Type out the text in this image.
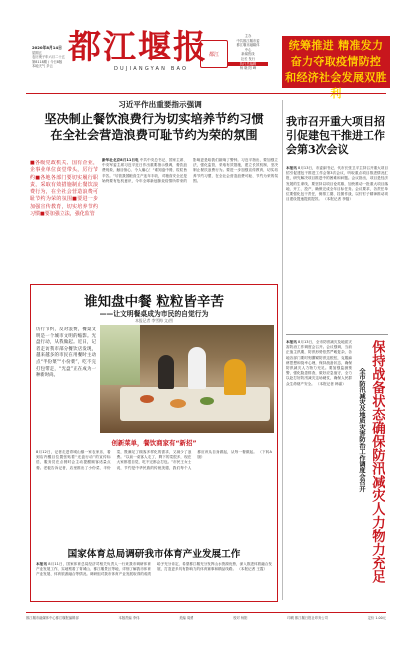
2020年8月14日
星期五
农历庚子年六月二十五
第8118期 / 今日8版
本地天气 多云
都江堰报
DUJIANGYAN BAO
都江
主办
中共都江堰市委
都江堰市融媒体
中心
新闻热线
社长 发行
执行总编辑
杨 晓 阳 峰
统筹推进 精准发力
奋力夺取疫情防控
和经济社会发展双胜利
习近平作出重要指示强调
坚决制止餐饮浪费行为切实培养节约习惯
在全社会营造浪费可耻节约为荣的氛围
■各级党政机关、国有企业，企事业单位食堂带头，厉行节约■各地各部门要切实履行职责，采取有效措施制止餐饮浪费行为，在全社会营造浪费可耻节约为荣的氛围■要进一步加强宣传教育，切实培养节约习惯■要加强立法，强化监管
新华社北京8月11日电 中共中央总书记、国家主席、中央军委主席习近平近日作出重要指示强调，餐饮浪费现象，触目惊心、令人痛心！“谁知盘中餐，粒粒皆辛苦。”尽管我国粮食生产连年丰收，对粮食安全还是始终要有危机意识，今年全球新冠肺炎疫情所带来的影响更是给我们敲响了警钟。习近平指出，要加强立法，强化监管，采取有效措施，建立长效机制，坚决制止餐饮浪费行为。要进一步加强宣传教育，切实培养节约习惯，在全社会营造浪费可耻、节约为荣的氛围。
我市召开重大项目招引促建包干推进工作会第3次会议
本报讯 8月13日，市委副书记、代市长张卫平主持召开重大项目招引促建包干推进工作会第3次会议，听取重点项目推进情况汇报，研究解决项目推进中的困难和问题。会议指出，项目是经济发展的生命线，要坚持以项目论英雄，加快推动一批重大项目落地、开工、投产，确保完成全年目标任务。会议要求，各责任单位要强化包干责任，倒排工期、挂图作战，以钉钉子精神推动项目建设提速提质提效。 （本报记者 李磊）
本报讯 8月13日，全市防汛减灾及地质灾害防治工作调度会召开。会议强调，当前正值主汛期，防汛形势依然严峻复杂，各地各部门要时刻绷紧防汛这根弦，克服麻痹思想和侥幸心理，保持战备状态，确保防汛减灾人力物力充足。要加强监测预警，强化隐患排查，做好应急值守，全力以赴打好防汛减灾这场硬仗，确保人民群众生命财产安全。 （本报记者 韩嘉）	保持战备状态确保防汛减灾人力物力充足
全市防汛减灾及地质灾害防治工作调度会召开
谁知盘中餐 粒粒皆辛苦
——让文明餐桌成为市民的自觉行为
本报记者 李雪梅 文/图
历行节约，反对浪费，餐桌文明是一个城市文明的缩影。光盘行动，从我做起。近日，记者走访我市部分餐饮店发现，越来越多的市民在用餐时主动点“半份菜”“小份菜”，吃不完打包带走，“光盘”正在成为一种新时尚。
创新菜单，餐饮商家有“新招”
8月12日，记者走进青城山镇一家农家乐，看到店内醒目位置张贴着“光盘行动”的宣传标语，服务员在点餐时会主动提醒顾客适量点餐。老板告诉记者，店里推出了小份菜、半份菜，既满足了顾客多样化的需求，又减少了浪费。“以前一桌客人走了，剩下的菜很多，现在大家都很自觉，吃不完都会打包。”市民王女士说，节约是中华民族的传统美德，我们每个人都应该从自身做起，从每一餐做起。 （下转A版）
国家体育总局调研我市体育产业发展工作
本报讯 8月11日，国家体育总局经济司相关负责人一行来我市调研体育产业发展工作，实地察看了青城山、都江堰景区等地，详细了解我市体育产业发展、体育旅游融合等情况。调研组对我市体育产业发展取得的成绩给予充分肯定，希望都江堰充分发挥山水资源优势，深入推进体旅融合发展，打造更多具有影响力的体育赛事和精品线路。 （本报记者 王霞）
都江堰市融媒体中心都江堰报编辑部	本版责编 李伟	美编 周勇	校对 杨阳	印刷 都江堰日报社印务公司	定价 1.00元
